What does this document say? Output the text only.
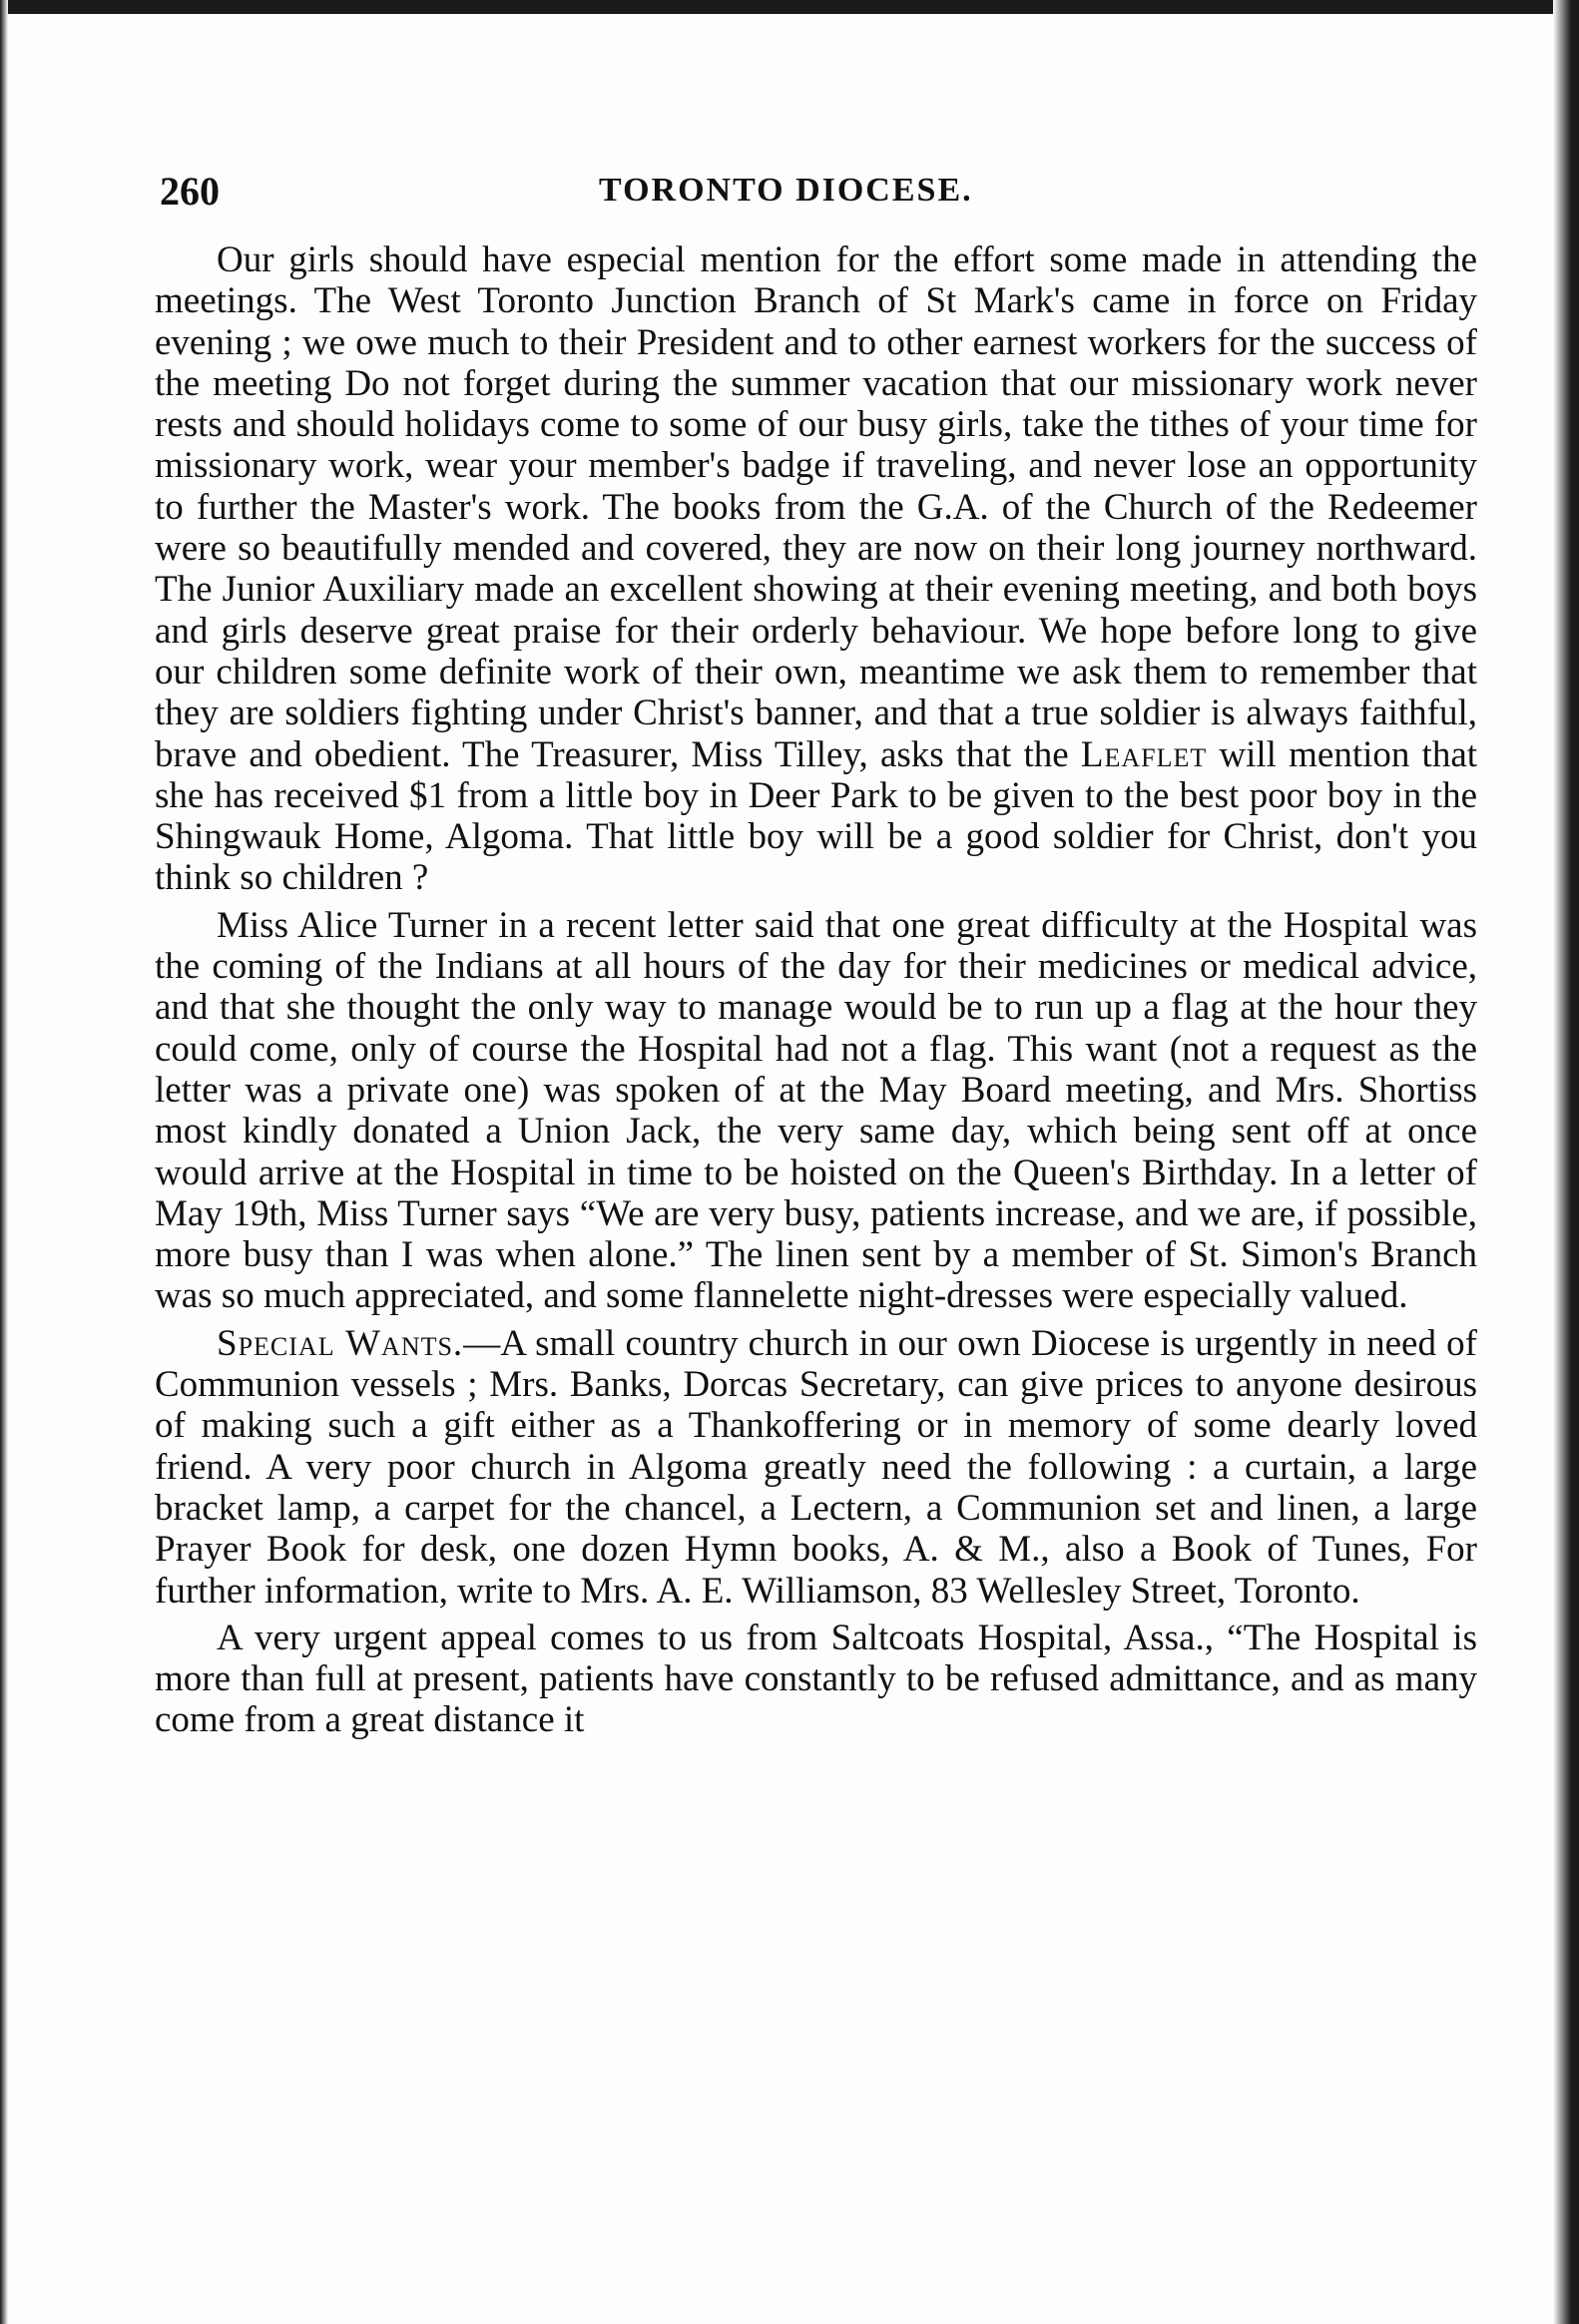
260	TORONTO DIOCESE.

Our girls should have especial mention for the effort some made in attending the meetings. The West Toronto Junction Branch of St Mark's came in force on Friday evening ; we owe much to their President and to other earnest workers for the success of the meeting Do not forget during the summer vacation that our missionary work never rests and should holidays come to some of our busy girls, take the tithes of your time for missionary work, wear your member's badge if traveling, and never lose an opportunity to further the Master's work. The books from the G.A. of the Church of the Redeemer were so beautifully mended and covered, they are now on their long journey northward. The Junior Auxiliary made an excellent showing at their evening meeting, and both boys and girls deserve great praise for their orderly behaviour. We hope before long to give our children some definite work of their own, meantime we ask them to remember that they are soldiers fighting under Christ's banner, and that a true soldier is always faithful, brave and obedient. The Treasurer, Miss Tilley, asks that the Leaflet will mention that she has received $1 from a little boy in Deer Park to be given to the best poor boy in the Shingwauk Home, Algoma. That little boy will be a good soldier for Christ, don't you think so children ?

Miss Alice Turner in a recent letter said that one great difficulty at the Hospital was the coming of the Indians at all hours of the day for their medicines or medical advice, and that she thought the only way to manage would be to run up a flag at the hour they could come, only of course the Hospital had not a flag. This want (not a request as the letter was a private one) was spoken of at the May Board meeting, and Mrs. Shortiss most kindly donated a Union Jack, the very same day, which being sent off at once would arrive at the Hospital in time to be hoisted on the Queen's Birthday. In a letter of May 19th, Miss Turner says “We are very busy, patients increase, and we are, if possible, more busy than I was when alone.” The linen sent by a member of St. Simon's Branch was so much appreciated, and some flannelette night-dresses were especially valued.

Special Wants.—A small country church in our own Diocese is urgently in need of Communion vessels ; Mrs. Banks, Dorcas Secretary, can give prices to anyone desirous of making such a gift either as a Thankoffering or in memory of some dearly loved friend. A very poor church in Algoma greatly need the following : a curtain, a large bracket lamp, a carpet for the chancel, a Lectern, a Communion set and linen, a large Prayer Book for desk, one dozen Hymn books, A. & M., also a Book of Tunes, For further information, write to Mrs. A. E. Williamson, 83 Wellesley Street, Toronto.

A very urgent appeal comes to us from Saltcoats Hospital, Assa., “The Hospital is more than full at present, patients have constantly to be refused admittance, and as many come from a great distance it
